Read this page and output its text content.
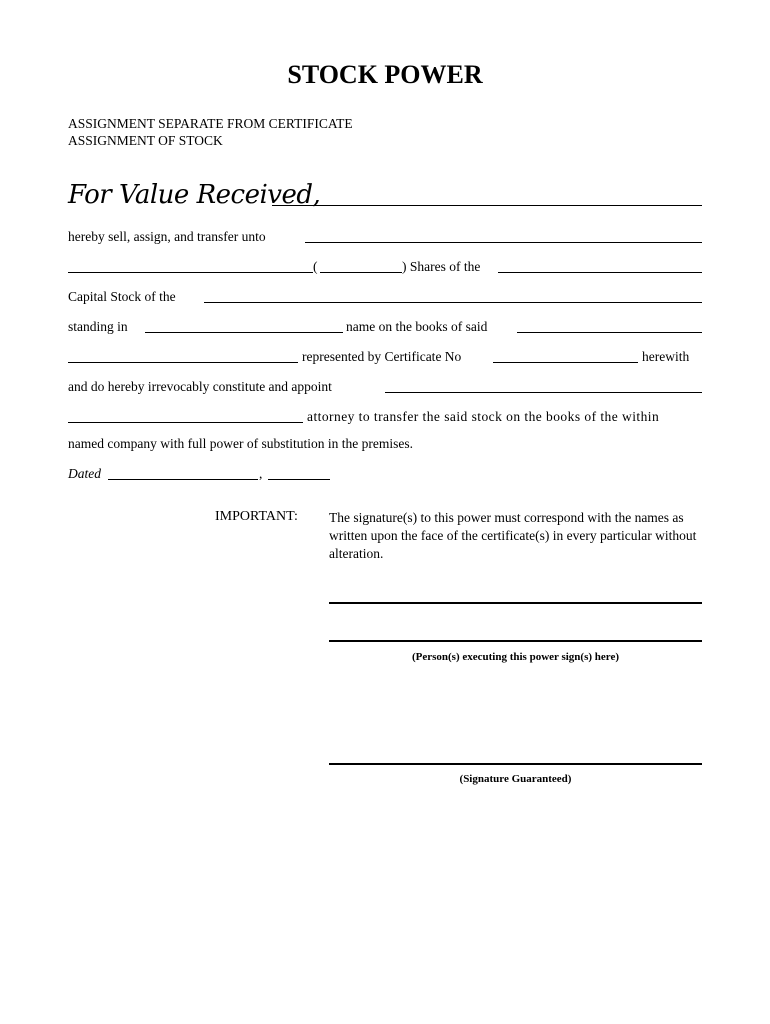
STOCK POWER
ASSIGNMENT SEPARATE FROM CERTIFICATE
ASSIGNMENT OF STOCK
For Value Received,
hereby sell, assign, and transfer unto
(	) Shares of the
Capital Stock of the
standing in	name on the books of said
represented by Certificate No	herewith
and do hereby irrevocably constitute and appoint
attorney to transfer the said stock on the books of the within
named company with full power of substitution in the premises.
Dated	,
IMPORTANT: The signature(s) to this power must correspond with the names as written upon the face of the certificate(s) in every particular without alteration.
(Person(s) executing this power sign(s) here)
(Signature Guaranteed)
